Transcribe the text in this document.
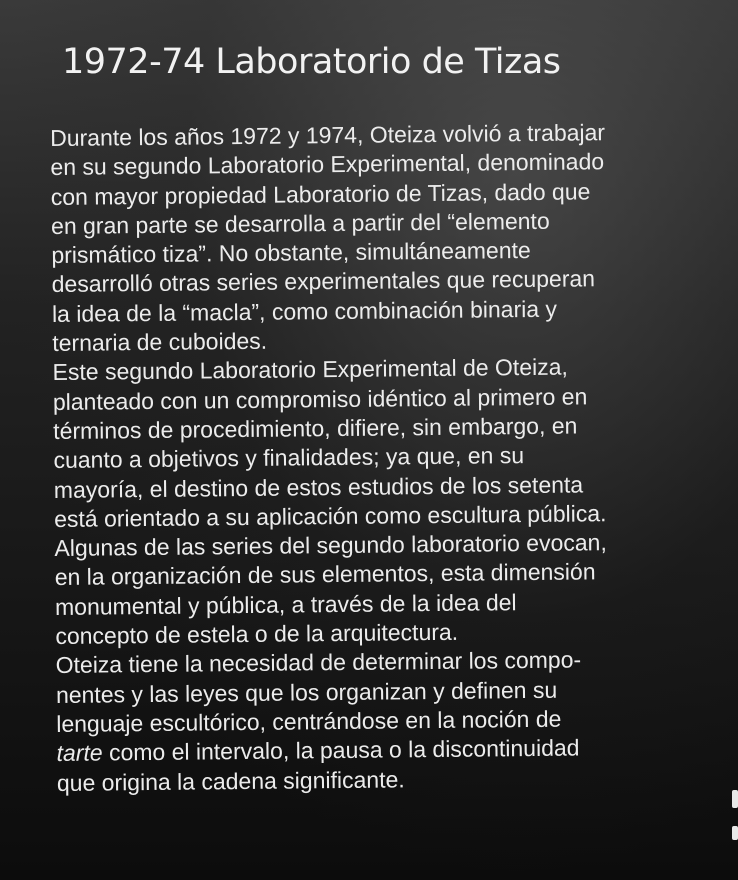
1972-74 Laboratorio de Tizas
Durante los años 1972 y 1974, Oteiza volvió a trabajar
en su segundo Laboratorio Experimental, denominado
con mayor propiedad Laboratorio de Tizas, dado que
en gran parte se desarrolla a partir del “elemento
prismático tiza”. No obstante, simultáneamente
desarrolló otras series experimentales que recuperan
la idea de la “macla”, como combinación binaria y
ternaria de cuboides.
Este segundo Laboratorio Experimental de Oteiza,
planteado con un compromiso idéntico al primero en
términos de procedimiento, difiere, sin embargo, en
cuanto a objetivos y finalidades; ya que, en su
mayoría, el destino de estos estudios de los setenta
está orientado a su aplicación como escultura pública.
Algunas de las series del segundo laboratorio evocan,
en la organización de sus elementos, esta dimensión
monumental y pública, a través de la idea del
concepto de estela o de la arquitectura.
Oteiza tiene la necesidad de determinar los compo-
nentes y las leyes que los organizan y definen su
lenguaje escultórico, centrándose en la noción de
tarte como el intervalo, la pausa o la discontinuidad
que origina la cadena significante.
